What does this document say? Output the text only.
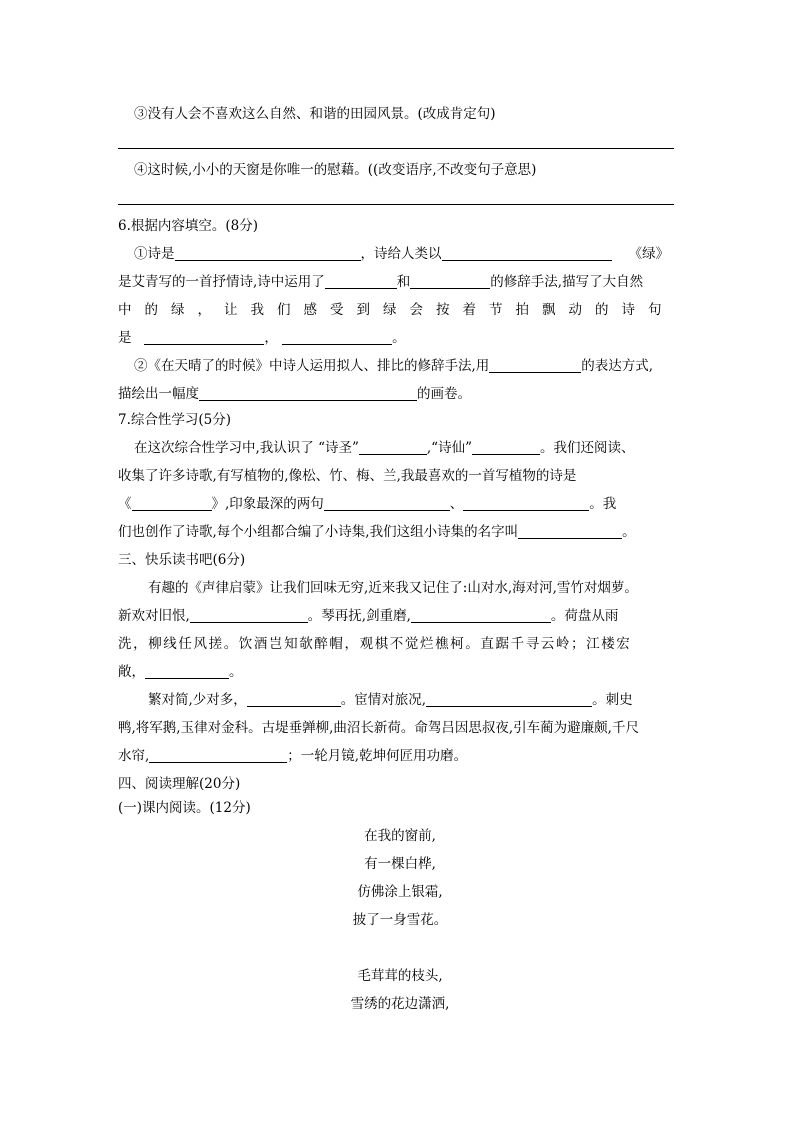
③没有人会不喜欢这么自然、和谐的田园风景。(改成肯定句)
④这时候,小小的天窗是你唯一的慰藉。((改变语序,不改变句子意思)
6.根据内容填空。(8分)
①诗是	，诗给人类以	《绿》
是艾青写的一首抒情诗,诗中运用了	和	的修辞手法,描写了大自然
中的绿，让我们感受到绿会按着节拍飘动的诗句
是	，	。
②《在天晴了的时候》中诗人运用拟人、排比的修辞手法,用	的表达方式,
描绘出一幅度	的画卷。
7.综合性学习(5分)
在这次综合性学习中,我认识了 “诗圣”	,“诗仙”	。我们还阅读、
收集了许多诗歌,有写植物的,像松、竹、梅、兰,我最喜欢的一首写植物的诗是
《	》,印象最深的两句	、	。我
们也创作了诗歌,每个小组都合编了小诗集,我们这组小诗集的名字叫	。
三、快乐读书吧(6分)
有趣的《声律启蒙》让我们回味无穷,近来我又记住了:山对水,海对河,雪竹对烟萝。
新欢对旧恨,	。琴再抚,剑重磨,	。荷盘从雨
洗，柳线任风搓。饮酒岂知欹醉帽，观棋不觉烂樵柯。直踞千寻云岭；江楼宏
敞，	。
繁对简,少对多，	。宦情对旅况,	。刺史
鸭,将军鹅,玉律对金科。古堤垂亸柳,曲沼长新荷。命驾吕因思叔夜,引车蔺为避廉颇,千尺
水帘,	；一轮月镜,乾坤何匠用功磨。
四、阅读理解(20分)
(一)课内阅读。(12分)
在我的窗前,
有一棵白桦,
仿佛涂上银霜,
披了一身雪花。
毛茸茸的枝头,
雪绣的花边潇洒,
